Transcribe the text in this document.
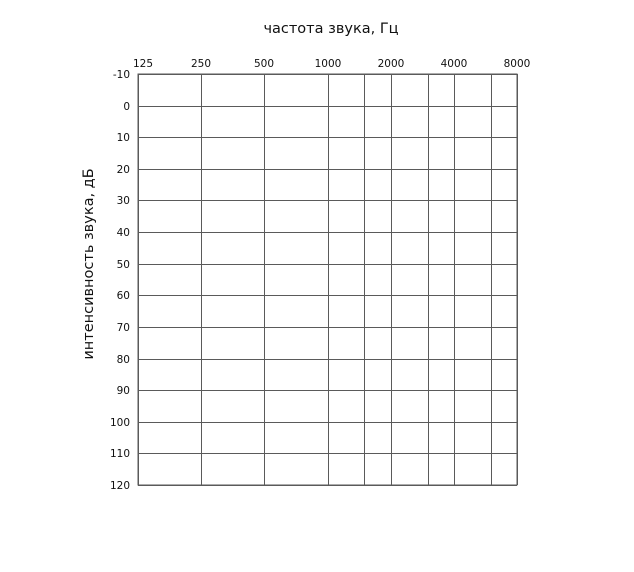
частота звука, Гц
интенсивность звука, дБ
125	250	500	1000	2000	4000	8000
-10
0
10
20
30
40
50
60
70
80
90
100
110
120
